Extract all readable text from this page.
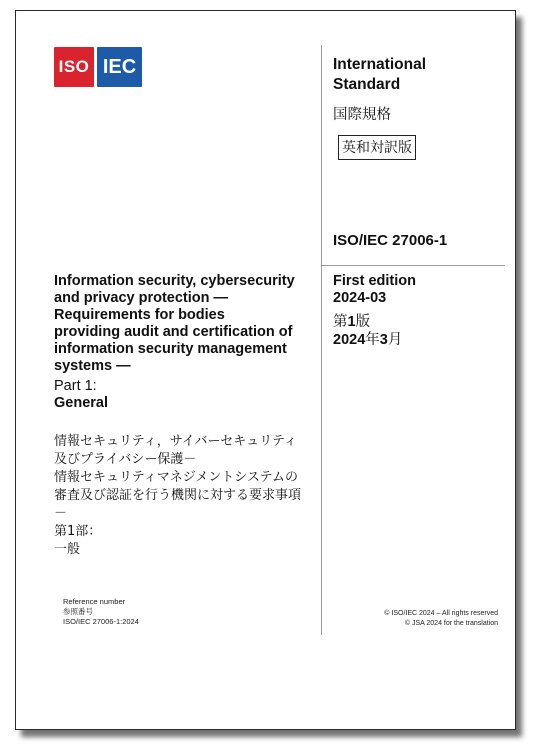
ISO IEC	International
Standard
国際規格
英和対訳版
ISO/IEC 27006-1
First edition
2024-03
第1版
2024年3月
Information security, cybersecurity
and privacy protection —
Requirements for bodies
providing audit and certification of
information security management
systems —
Part 1:
General
情報セキュリティ，サイバーセキュリティ
及びプライバシー保護－
情報セキュリティマネジメントシステムの
審査及び認証を行う機関に対する要求事項
－
第1部：
一般
Reference number
参照番号
ISO/IEC 27006-1:2024
© ISO/IEC 2024 – All rights reserved
© JSA 2024 for the translation
